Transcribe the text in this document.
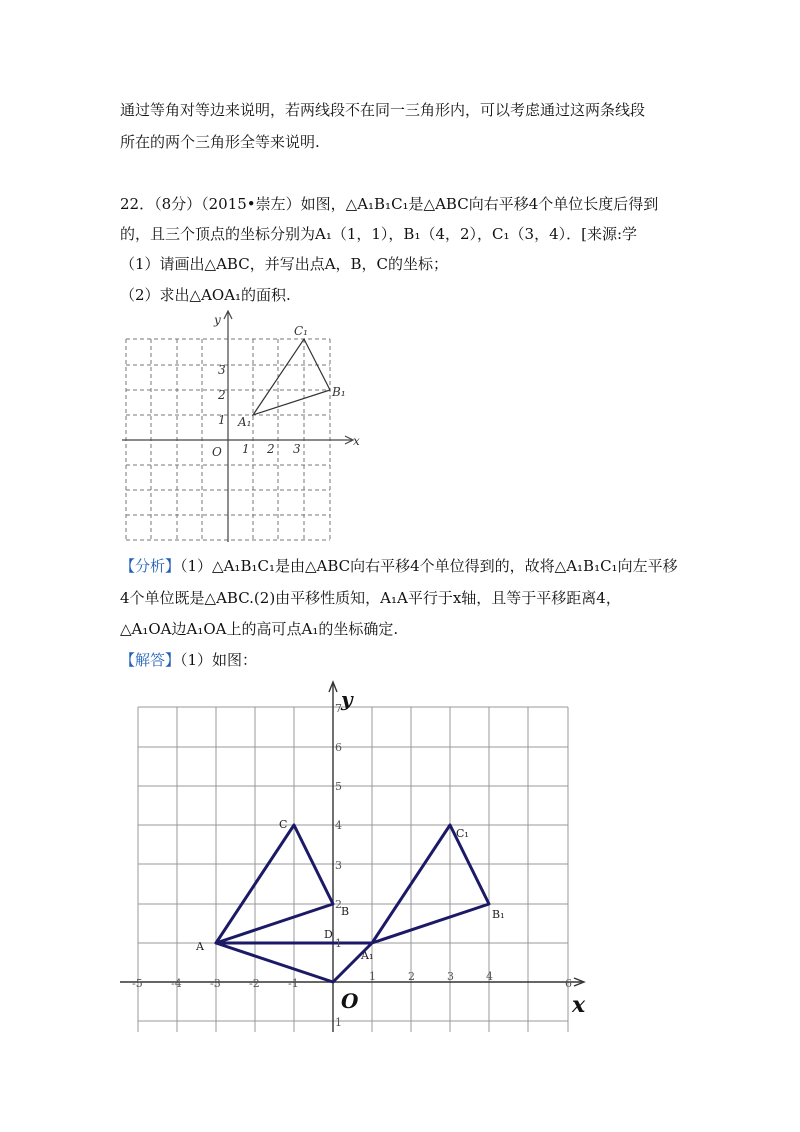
通过等角对等边来说明，若两线段不在同一三角形内，可以考虑通过这两条线段
所在的两个三角形全等来说明.
22．（8分）（2015•崇左）如图，△A₁B₁C₁是△ABC向右平移4个单位长度后得到
的，且三个顶点的坐标分别为A₁（1，1），B₁（4，2），C₁（3，4）．[来源:学
（1）请画出△ABC，并写出点A，B，C的坐标；
（2）求出△AOA₁的面积.
y
x
O 1 2 3
1
2
3
A₁
B₁
C₁
【分析】（1）△A₁B₁C₁是由△ABC向右平移4个单位得到的，故将△A₁B₁C₁向左平移
4个单位既是△ABC.(2)由平移性质知，A₁A平行于x轴，且等于平移距离4，
△A₁OA边A₁OA上的高可点A₁的坐标确定.
【解答】（1）如图：
-5	-4	-3	-2	-1
1	2	3	4
6
1
2
3
4
5
6
7
1
y
x
O
A
B
C
D
A₁
B₁
C₁
